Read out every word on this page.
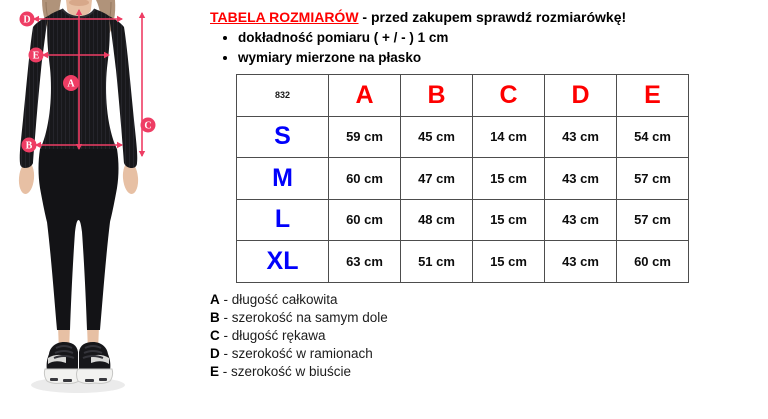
D
E
A
C
B
TABELA ROZMIARÓW - przed zakupem sprawdź rozmiarówkę!
• dokładność pomiaru ( + / - ) 1 cm
• wymiary mierzone na płasko
832	A	B	C	D	E
S	59 cm	45 cm	14 cm	43 cm	54 cm
M	60 cm	47 cm	15 cm	43 cm	57 cm
L	60 cm	48 cm	15 cm	43 cm	57 cm
XL	63 cm	51 cm	15 cm	43 cm	60 cm
A - długość całkowita
B - szerokość na samym dole
C - długość rękawa
D - szerokość w ramionach
E - szerokość w biuście
